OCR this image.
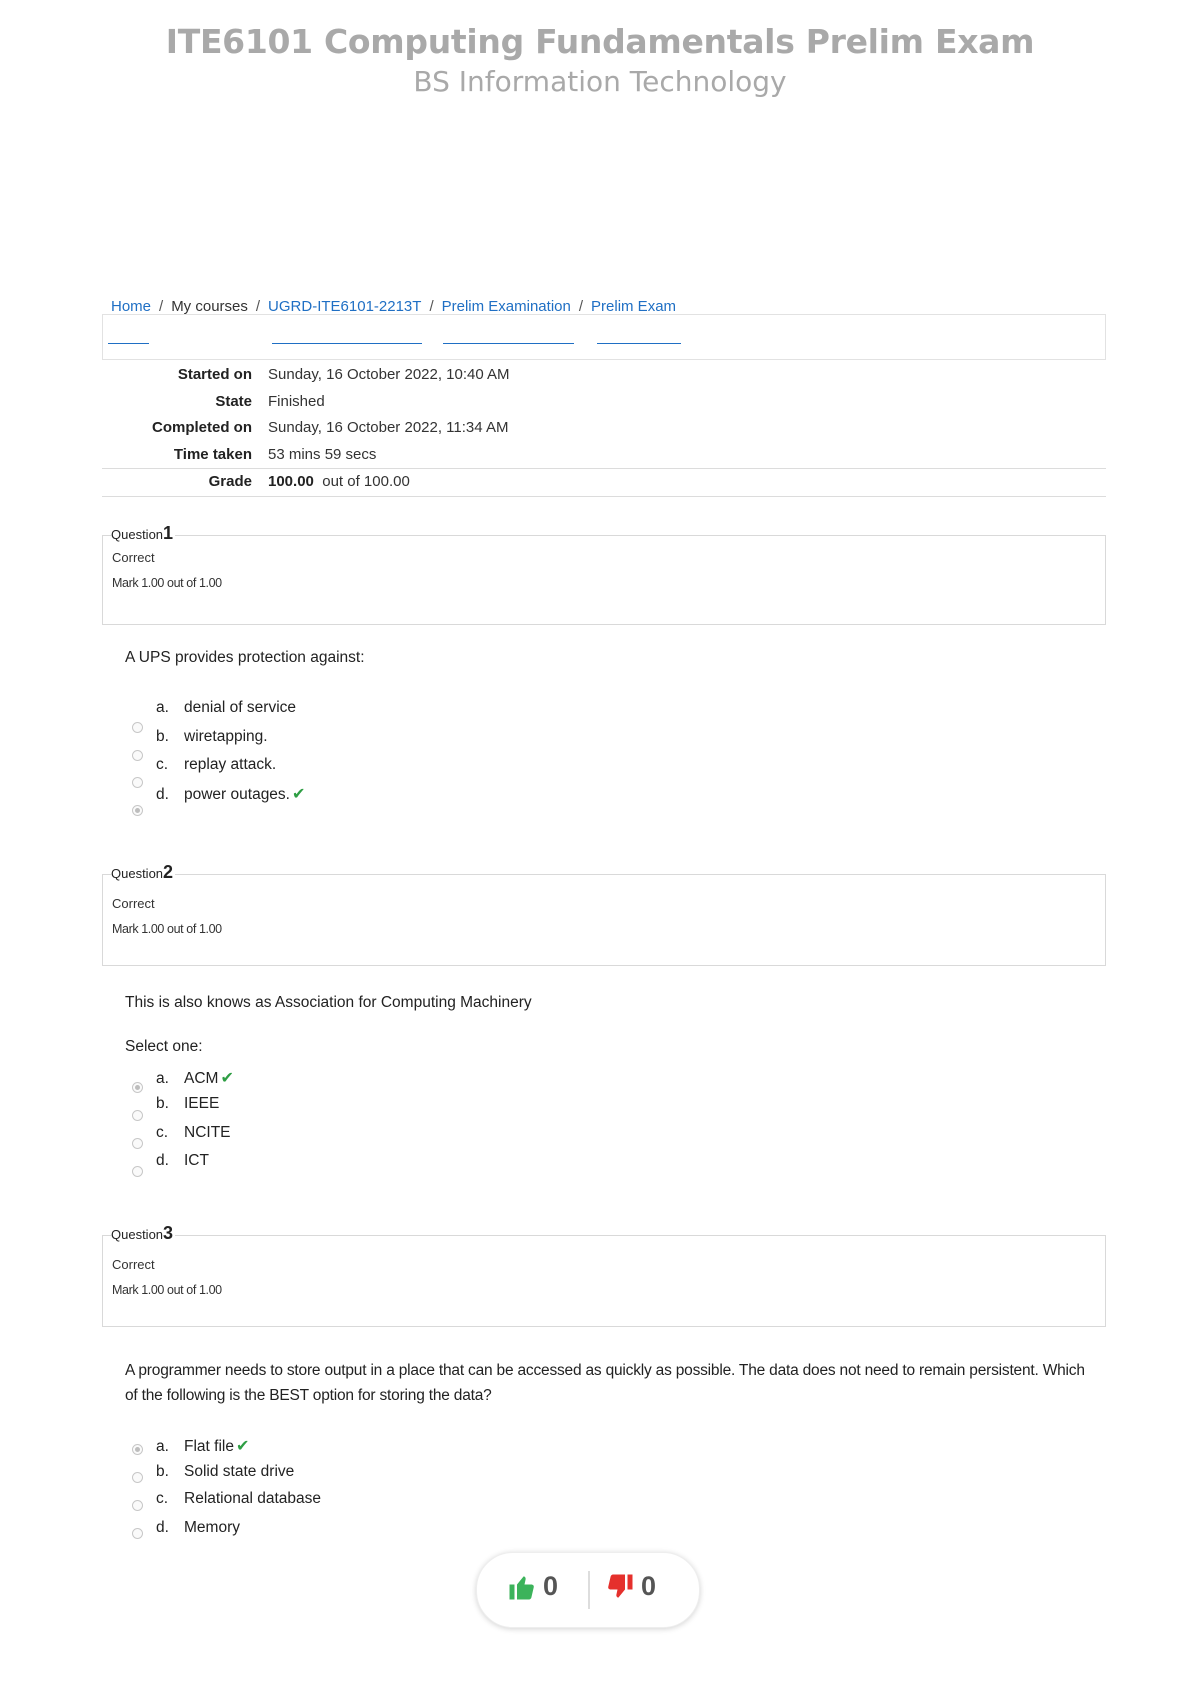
ITE6101 Computing Fundamentals Prelim Exam
BS Information Technology
Home / My courses / UGRD-ITE6101-2213T / Prelim Examination / Prelim Exam
Started on Sunday, 16 October 2022, 10:40 AM
State Finished
Completed on Sunday, 16 October 2022, 11:34 AM
Time taken 53 mins 59 secs
Grade 100.00 out of 100.00
Question1
Correct
Mark 1.00 out of 1.00
A UPS provides protection against:
a. denial of service
b. wiretapping.
c. replay attack.
d. power outages. ✔
Question2
Correct
Mark 1.00 out of 1.00
This is also knows as Association for Computing Machinery
Select one:
a. ACM ✔
b. IEEE
c. NCITE
d. ICT
Question3
Correct
Mark 1.00 out of 1.00
A programmer needs to store output in a place that can be accessed as quickly as possible. The data does not need to remain persistent. Which of the following is the BEST option for storing the data?
a. Flat file ✔
b. Solid state drive
c. Relational database
d. Memory
0	0
